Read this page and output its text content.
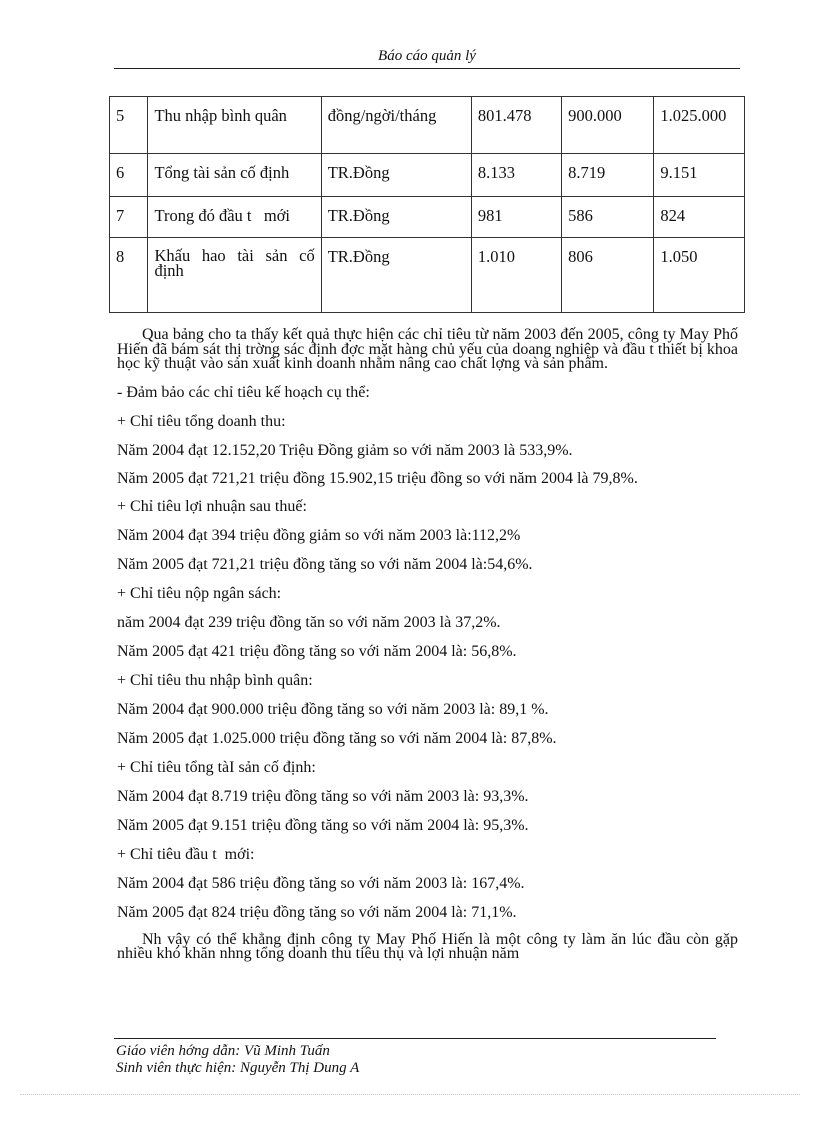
Báo cáo quản lý
5	Thu nhập bình quân	đồng/ngời/tháng	801.478	900.000	1.025.000
6	Tổng tài sản cố định	TR.Đồng	8.133	8.719	9.151
7	Trong đó đầu t   mới	TR.Đồng	981	586	824
8	Khấu hao tài sản cố định	TR.Đồng	1.010	806	1.050

Qua bảng cho ta thấy kết quả thực hiện các chỉ tiêu từ năm 2003 đến 2005, công ty May Phố Hiến đã bám sát thị trờng sác định đợc mặt hàng chủ yếu của doang nghiệp và đầu t thiết bị khoa học kỹ thuật vào sản xuất kinh doanh nhằm nâng cao chất lợng và sản phẩm.

- Đảm bảo các chỉ tiêu kế hoạch cụ thể:

+ Chỉ tiêu tổng doanh thu:

Năm 2004 đạt 12.152,20 Triệu Đồng giảm so với năm 2003 là 533,9%.

Năm 2005 đạt 721,21 triệu đồng 15.902,15 triệu đồng so với năm 2004 là 79,8%.

+ Chỉ tiêu lợi nhuận sau thuế:

Năm 2004 đạt 394 triệu đồng giảm so với năm 2003 là:112,2%

Năm 2005 đạt 721,21 triệu đồng tăng so với năm 2004 là:54,6%.

+ Chỉ tiêu nộp ngân sách:

năm 2004 đạt 239 triệu đồng tăn so với năm 2003 là 37,2%.

Năm 2005 đạt 421 triệu đồng tăng so với năm 2004 là: 56,8%.

+ Chỉ tiêu thu nhập bình quân:

Năm 2004 đạt 900.000 triệu đồng tăng so với năm 2003 là: 89,1 %.

Năm 2005 đạt 1.025.000 triệu đồng tăng so với năm 2004 là: 87,8%.

+ Chỉ tiêu tổng tàI sản cố định:

Năm 2004 đạt 8.719 triệu đồng tăng so với năm 2003 là: 93,3%.

Năm 2005 đạt 9.151 triệu đồng tăng so với năm 2004 là: 95,3%.

+ Chỉ tiêu đầu t  mới:

Năm 2004 đạt 586 triệu đồng tăng so với năm 2003 là: 167,4%.

Năm 2005 đạt 824 triệu đồng tăng so với năm 2004 là: 71,1%.

Nh vậy có thể khẳng định công ty May Phố Hiến là một công ty làm ăn lúc đầu còn gặp nhiều khó khăn nhng tổng doanh thu tiêu thụ và lợi nhuận năm

Giáo viên hớng dẫn: Vũ Minh Tuấn
Sinh viên thực hiện: Nguyễn Thị Dung A
